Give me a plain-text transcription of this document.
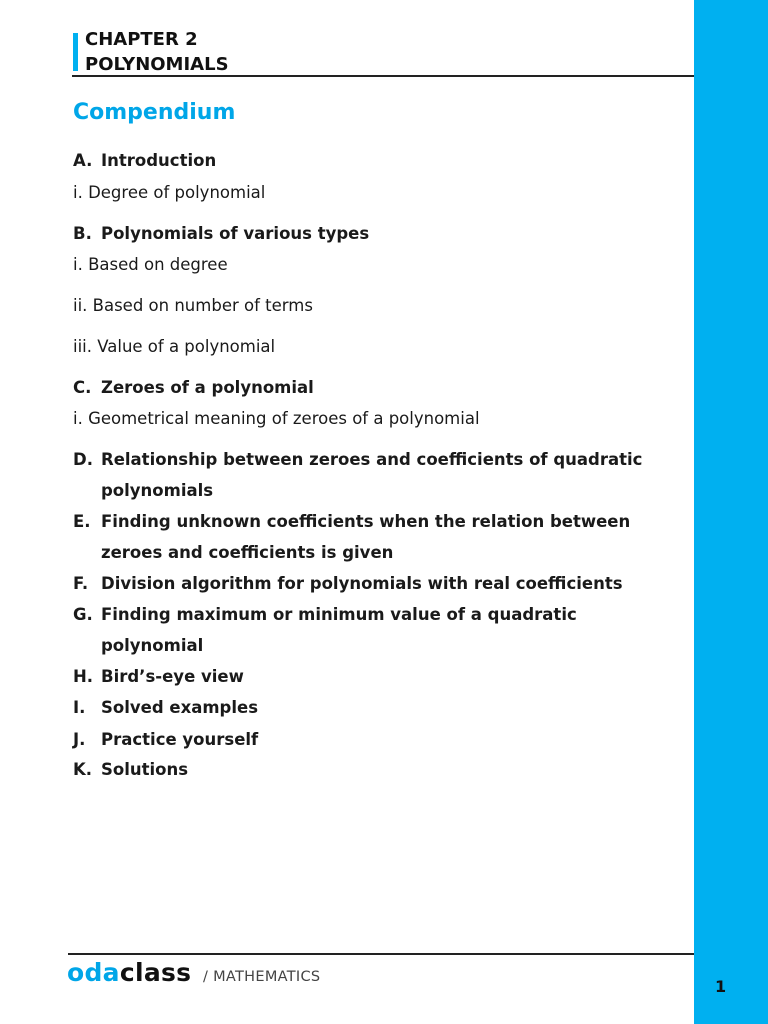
CHAPTER 2
POLYNOMIALS
Compendium
A. Introduction
i. Degree of polynomial
B. Polynomials of various types
i. Based on degree
ii. Based on number of terms
iii. Value of a polynomial
C. Zeroes of a polynomial
i. Geometrical meaning of zeroes of a polynomial
D. Relationship between zeroes and coefficients of quadratic
polynomials
E. Finding unknown coefficients when the relation between
zeroes and coefficients is given
F. Division algorithm for polynomials with real coefficients
G. Finding maximum or minimum value of a quadratic
polynomial
H. Bird’s-eye view
I. Solved examples
J. Practice yourself
K. Solutions
odaclass / MATHEMATICS	1
